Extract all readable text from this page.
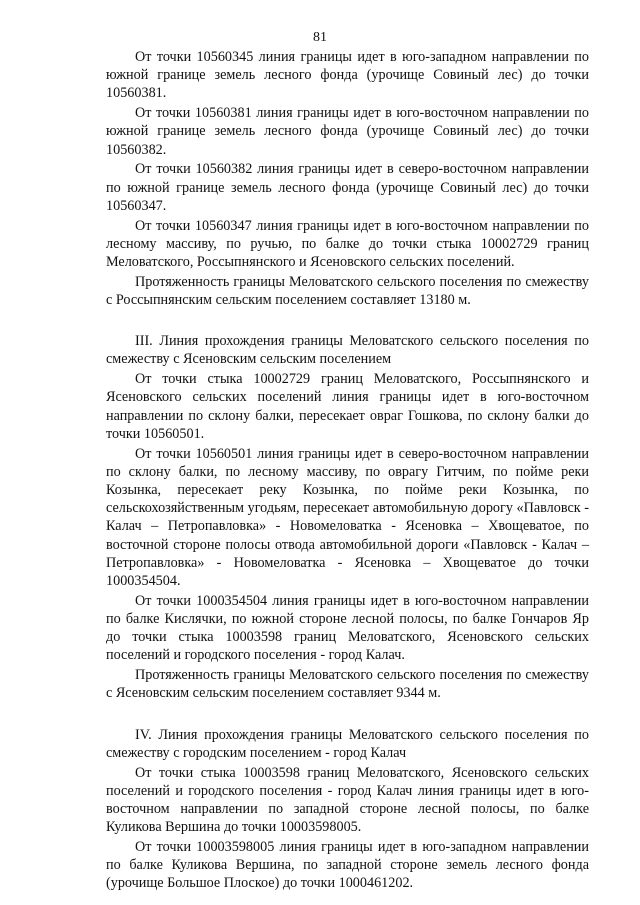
81

От точки 10560345 линия границы идет в юго-западном направлении по южной границе земель лесного фонда (урочище Совиный лес) до точки 10560381.

От точки 10560381 линия границы идет в юго-восточном направлении по южной границе земель лесного фонда (урочище Совиный лес) до точки 10560382.

От точки 10560382 линия границы идет в северо-восточном направлении по южной границе земель лесного фонда (урочище Совиный лес) до точки 10560347.

От точки 10560347 линия границы идет в юго-восточном направлении по лесному массиву, по ручью, по балке до точки стыка 10002729 границ Меловатского, Россыпнянского и Ясеновского сельских поселений.

Протяженность границы Меловатского сельского поселения по смежеству с Россыпнянским сельским поселением составляет 13180 м.

III. Линия прохождения границы Меловатского сельского поселения по смежеству с Ясеновским сельским поселением

От точки стыка 10002729 границ Меловатского, Россыпнянского и Ясеновского сельских поселений линия границы идет в юго-восточном направлении по склону балки, пересекает овраг Гошкова, по склону балки до точки 10560501.

От точки 10560501 линия границы идет в северо-восточном направлении по склону балки, по лесному массиву, по оврагу Гитчим, по пойме реки Козынка, пересекает реку Козынка, по пойме реки Козынка, по сельскохозяйственным угодьям, пересекает автомобильную дорогу «Павловск - Калач – Петропавловка» - Новомеловатка - Ясеновка – Хвощеватое, по восточной стороне полосы отвода автомобильной дороги «Павловск - Калач – Петропавловка» - Новомеловатка - Ясеновка – Хвощеватое до точки 1000354504.

От точки 1000354504 линия границы идет в юго-восточном направлении по балке Кислячки, по южной стороне лесной полосы, по балке Гончаров Яр до точки стыка 10003598 границ Меловатского, Ясеновского сельских поселений и городского поселения - город Калач.

Протяженность границы Меловатского сельского поселения по смежеству с Ясеновским сельским поселением составляет 9344 м.

IV. Линия прохождения границы Меловатского сельского поселения по смежеству с городским поселением - город Калач

От точки стыка 10003598 границ Меловатского, Ясеновского сельских поселений и городского поселения - город Калач линия границы идет в юго-восточном направлении по западной стороне лесной полосы, по балке Куликова Вершина до точки 10003598005.

От точки 10003598005 линия границы идет в юго-западном направлении по балке Куликова Вершина, по западной стороне земель лесного фонда (урочище Большое Плоское) до точки 1000461202.
